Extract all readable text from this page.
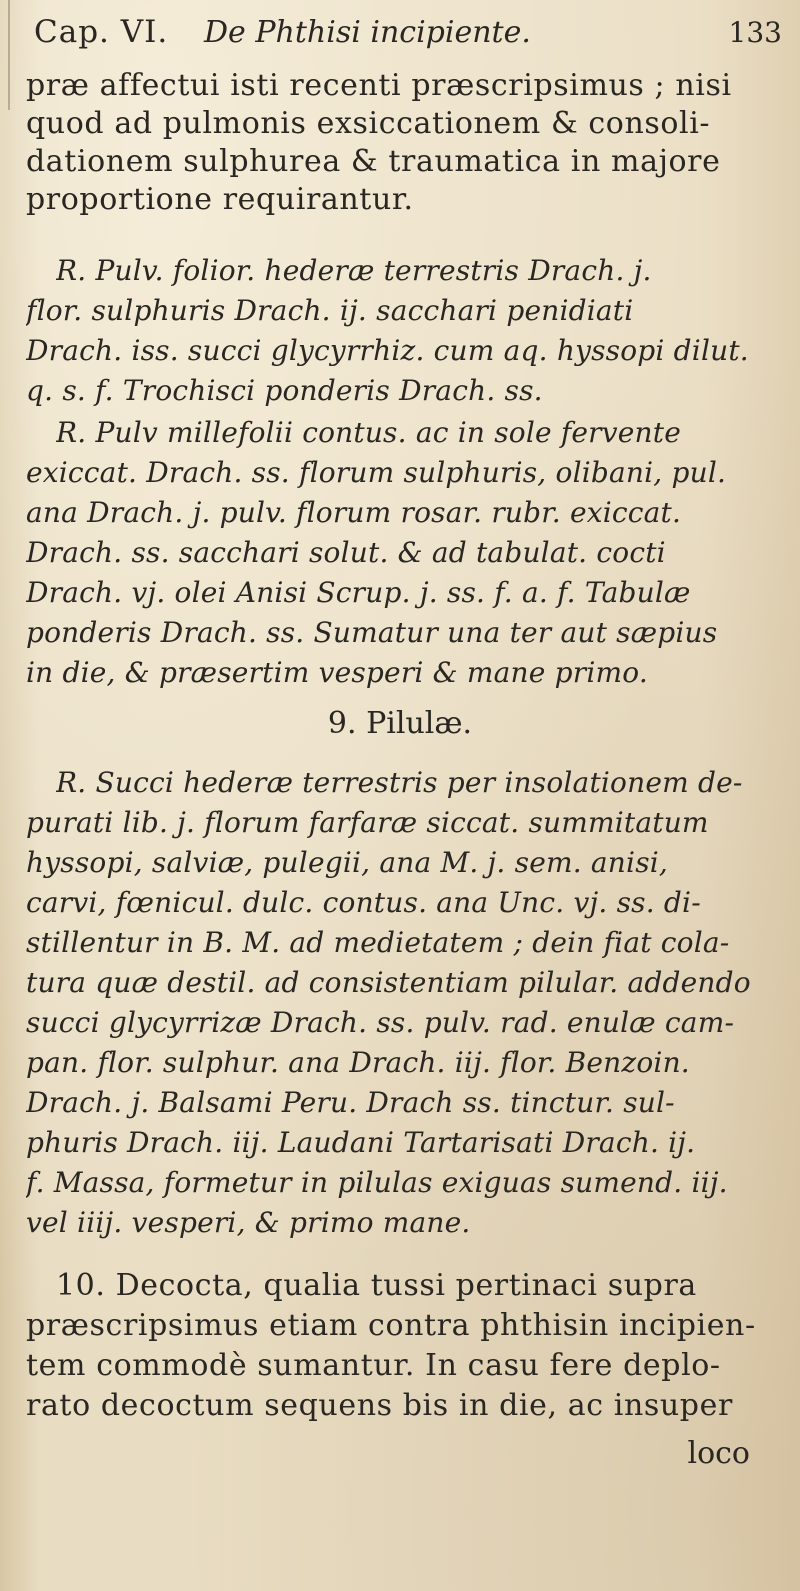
Cap. VI.	De Phthisi incipiente.	133
præ affectui isti recenti præscripsimus ; nisi
quod ad pulmonis exsiccationem & consoli-
dationem sulphurea & traumatica in majore
proportione requirantur.
R. Pulv. folior. hederæ terrestris Drach. j.
flor. sulphuris Drach. ij. sacchari penidiati
Drach. iss. succi glycyrrhiz. cum aq. hyssopi dilut.
q. s. f. Trochisci ponderis Drach. ss.
R. Pulv millefolii contus. ac in sole fervente
exiccat. Drach. ss. florum sulphuris, olibani, pul.
ana Drach. j. pulv. florum rosar. rubr. exiccat.
Drach. ss. sacchari solut. & ad tabulat. cocti
Drach. vj. olei Anisi Scrup. j. ss. f. a. f. Tabulæ
ponderis Drach. ss. Sumatur una ter aut sæpius
in die, & præsertim vesperi & mane primo.
9. Pilulæ.
R. Succi hederæ terrestris per insolationem de-
purati lib. j. florum farfaræ siccat. summitatum
hyssopi, salviæ, pulegii, ana M. j. sem. anisi,
carvi, fœnicul. dulc. contus. ana Unc. vj. ss. di-
stillentur in B. M. ad medietatem ; dein fiat cola-
tura quæ destil. ad consistentiam pilular. addendo
succi glycyrrizæ Drach. ss. pulv. rad. enulæ cam-
pan. flor. sulphur. ana Drach. iij. flor. Benzoin.
Drach. j. Balsami Peru. Drach ss. tinctur. sul-
phuris Drach. iij. Laudani Tartarisati Drach. ij.
f. Massa, formetur in pilulas exiguas sumend. iij.
vel iiij. vesperi, & primo mane.
10. Decocta, qualia tussi pertinaci supra
præscripsimus etiam contra phthisin incipien-
tem commodè sumantur. In casu fere deplo-
rato decoctum sequens bis in die, ac insuper
loco
